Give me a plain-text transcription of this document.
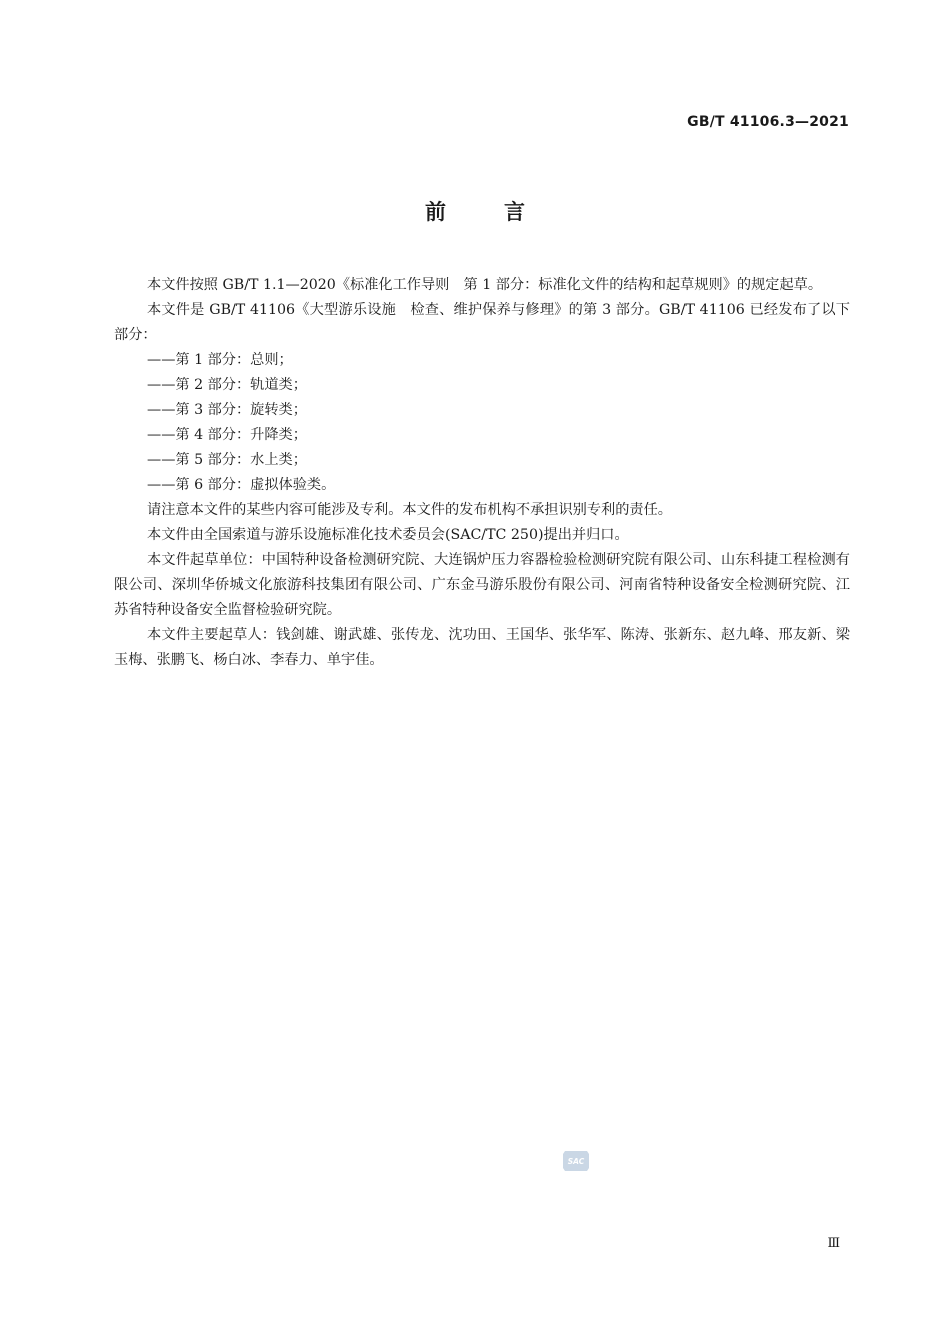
GB/T 41106.3—2021
前言

本文件按照 GB/T 1.1—2020《标准化工作导则　第 1 部分：标准化文件的结构和起草规则》的规定起草。

本文件是 GB/T 41106《大型游乐设施　检查、维护保养与修理》的第 3 部分。GB/T 41106 已经发布了以下部分：

——第 1 部分：总则；

——第 2 部分：轨道类；

——第 3 部分：旋转类；

——第 4 部分：升降类；

——第 5 部分：水上类；

——第 6 部分：虚拟体验类。

请注意本文件的某些内容可能涉及专利。本文件的发布机构不承担识别专利的责任。

本文件由全国索道与游乐设施标准化技术委员会(SAC/TC 250)提出并归口。

本文件起草单位：中国特种设备检测研究院、大连锅炉压力容器检验检测研究院有限公司、山东科捷工程检测有限公司、深圳华侨城文化旅游科技集团有限公司、广东金马游乐股份有限公司、河南省特种设备安全检测研究院、江苏省特种设备安全监督检验研究院。

本文件主要起草人：钱剑雄、谢武雄、张传龙、沈功田、王国华、张华军、陈涛、张新东、赵九峰、邢友新、梁玉梅、张鹏飞、杨白冰、李春力、单宇佳。

SAC
Ⅲ
